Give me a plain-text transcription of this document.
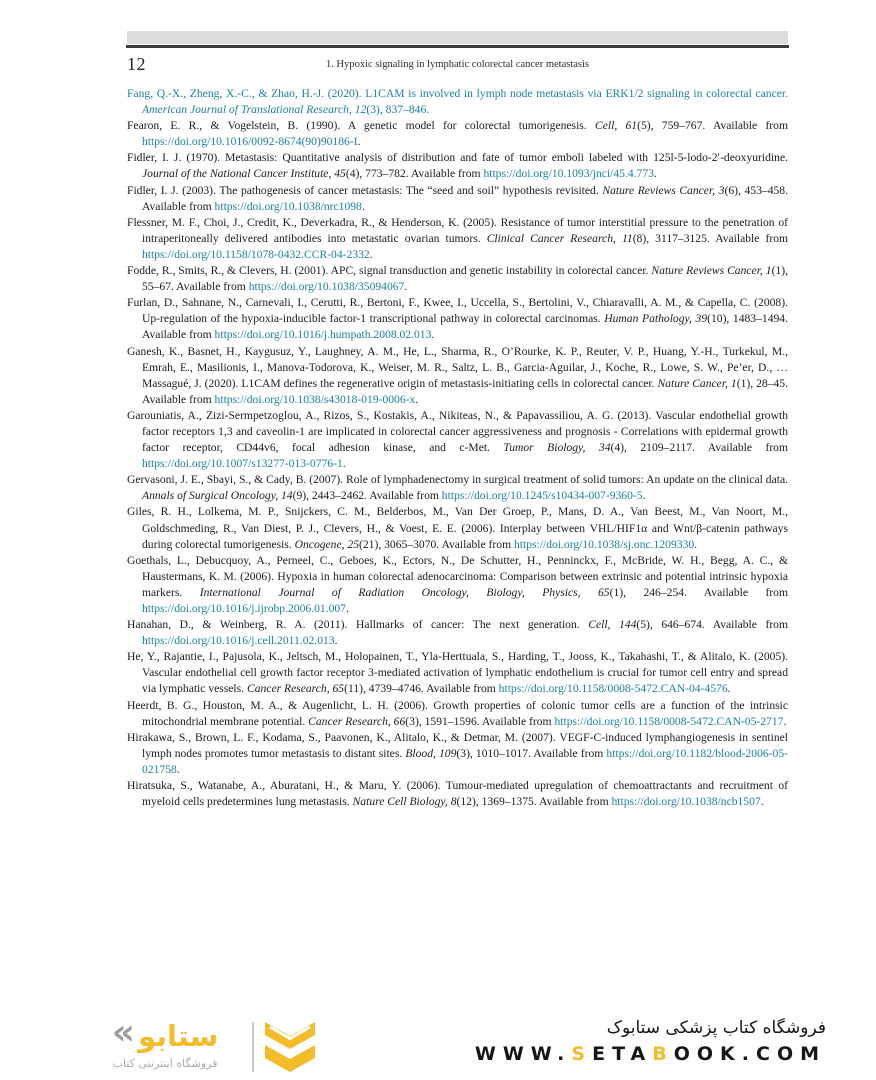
12	1. Hypoxic signaling in lymphatic colorectal cancer metastasis

Fang, Q.-X., Zheng, X.-C., & Zhao, H.-J. (2020). L1CAM is involved in lymph node metastasis via ERK1/2 signaling in colorectal cancer. American Journal of Translational Research, 12(3), 837–846.

Fearon, E. R., & Vogelstein, B. (1990). A genetic model for colorectal tumorigenesis. Cell, 61(5), 759–767. Available from https://doi.org/10.1016/0092-8674(90)90186-I.

Fidler, I. J. (1970). Metastasis: Quantitative analysis of distribution and fate of tumor emboli labeled with 125l-5-lodo-2′-deoxyuridine. Journal of the National Cancer Institute, 45(4), 773–782. Available from https://doi.org/10.1093/jnci/45.4.773.

Fidler, I. J. (2003). The pathogenesis of cancer metastasis: The “seed and soil” hypothesis revisited. Nature Reviews Cancer, 3(6), 453–458. Available from https://doi.org/10.1038/nrc1098.

Flessner, M. F., Choi, J., Credit, K., Deverkadra, R., & Henderson, K. (2005). Resistance of tumor interstitial pressure to the penetration of intraperitoneally delivered antibodies into metastatic ovarian tumors. Clinical Cancer Research, 11(8), 3117–3125. Available from https://doi.org/10.1158/1078-0432.CCR-04-2332.

Fodde, R., Smits, R., & Clevers, H. (2001). APC, signal transduction and genetic instability in colorectal cancer. Nature Reviews Cancer, 1(1), 55–67. Available from https://doi.org/10.1038/35094067.

Furlan, D., Sahnane, N., Carnevali, I., Cerutti, R., Bertoni, F., Kwee, I., Uccella, S., Bertolini, V., Chiaravalli, A. M., & Capella, C. (2008). Up-regulation of the hypoxia-inducible factor-1 transcriptional pathway in colorectal carcinomas. Human Pathology, 39(10), 1483–1494. Available from https://doi.org/10.1016/j.humpath.2008.02.013.

Ganesh, K., Basnet, H., Kaygusuz, Y., Laughney, A. M., He, L., Sharma, R., O’Rourke, K. P., Reuter, V. P., Huang, Y.-H., Turkekul, M., Emrah, E., Masilionis, I., Manova-Todorova, K., Weiser, M. R., Saltz, L. B., Garcia-Aguilar, J., Koche, R., Lowe, S. W., Pe’er, D., … Massagué, J. (2020). L1CAM defines the regenerative origin of metastasis-initiating cells in colorectal cancer. Nature Cancer, 1(1), 28–45. Available from https://doi.org/10.1038/s43018-019-0006-x.

Garouniatis, A., Zizi-Sermpetzoglou, A., Rizos, S., Kostakis, A., Nikiteas, N., & Papavassiliou, A. G. (2013). Vascular endothelial growth factor receptors 1,3 and caveolin-1 are implicated in colorectal cancer aggressiveness and prognosis - Correlations with epidermal growth factor receptor, CD44v6, focal adhesion kinase, and c-Met. Tumor Biology, 34(4), 2109–2117. Available from https://doi.org/10.1007/s13277-013-0776-1.

Gervasoni, J. E., Sbayi, S., & Cady, B. (2007). Role of lymphadenectomy in surgical treatment of solid tumors: An update on the clinical data. Annals of Surgical Oncology, 14(9), 2443–2462. Available from https://doi.org/10.1245/s10434-007-9360-5.

Giles, R. H., Lolkema, M. P., Snijckers, C. M., Belderbos, M., Van Der Groep, P., Mans, D. A., Van Beest, M., Van Noort, M., Goldschmeding, R., Van Diest, P. J., Clevers, H., & Voest, E. E. (2006). Interplay between VHL/HIF1α and Wnt/β-catenin pathways during colorectal tumorigenesis. Oncogene, 25(21), 3065–3070. Available from https://doi.org/10.1038/sj.onc.1209330.

Goethals, L., Debucquoy, A., Perneel, C., Geboes, K., Ectors, N., De Schutter, H., Penninckx, F., McBride, W. H., Begg, A. C., & Haustermans, K. M. (2006). Hypoxia in human colorectal adenocarcinoma: Comparison between extrinsic and potential intrinsic hypoxia markers. International Journal of Radiation Oncology, Biology, Physics, 65(1), 246–254. Available from https://doi.org/10.1016/j.ijrobp.2006.01.007.

Hanahan, D., & Weinberg, R. A. (2011). Hallmarks of cancer: The next generation. Cell, 144(5), 646–674. Available from https://doi.org/10.1016/j.cell.2011.02.013.

He, Y., Rajantie, I., Pajusola, K., Jeltsch, M., Holopainen, T., Yla-Herttuala, S., Harding, T., Jooss, K., Takahashi, T., & Alitalo, K. (2005). Vascular endothelial cell growth factor receptor 3-mediated activation of lymphatic endothelium is crucial for tumor cell entry and spread via lymphatic vessels. Cancer Research, 65(11), 4739–4746. Available from https://doi.org/10.1158/0008-5472.CAN-04-4576.

Heerdt, B. G., Houston, M. A., & Augenlicht, L. H. (2006). Growth properties of colonic tumor cells are a function of the intrinsic mitochondrial membrane potential. Cancer Research, 66(3), 1591–1596. Available from https://doi.org/10.1158/0008-5472.CAN-05-2717.

Hirakawa, S., Brown, L. F., Kodama, S., Paavonen, K., Alitalo, K., & Detmar, M. (2007). VEGF-C-induced lymphangiogenesis in sentinel lymph nodes promotes tumor metastasis to distant sites. Blood, 109(3), 1010–1017. Available from https://doi.org/10.1182/blood-2006-05-021758.

Hiratsuka, S., Watanabe, A., Aburatani, H., & Maru, Y. (2006). Tumour-mediated upregulation of chemoattractants and recruitment of myeloid cells predetermines lung metastasis. Nature Cell Biology, 8(12), 1369–1375. Available from https://doi.org/10.1038/ncb1507.

« ستابو
فروشگاه اینترنتی کتاب
فروشگاه کتاب پزشکی ستابوک
WWW.SETABOOK.COM
